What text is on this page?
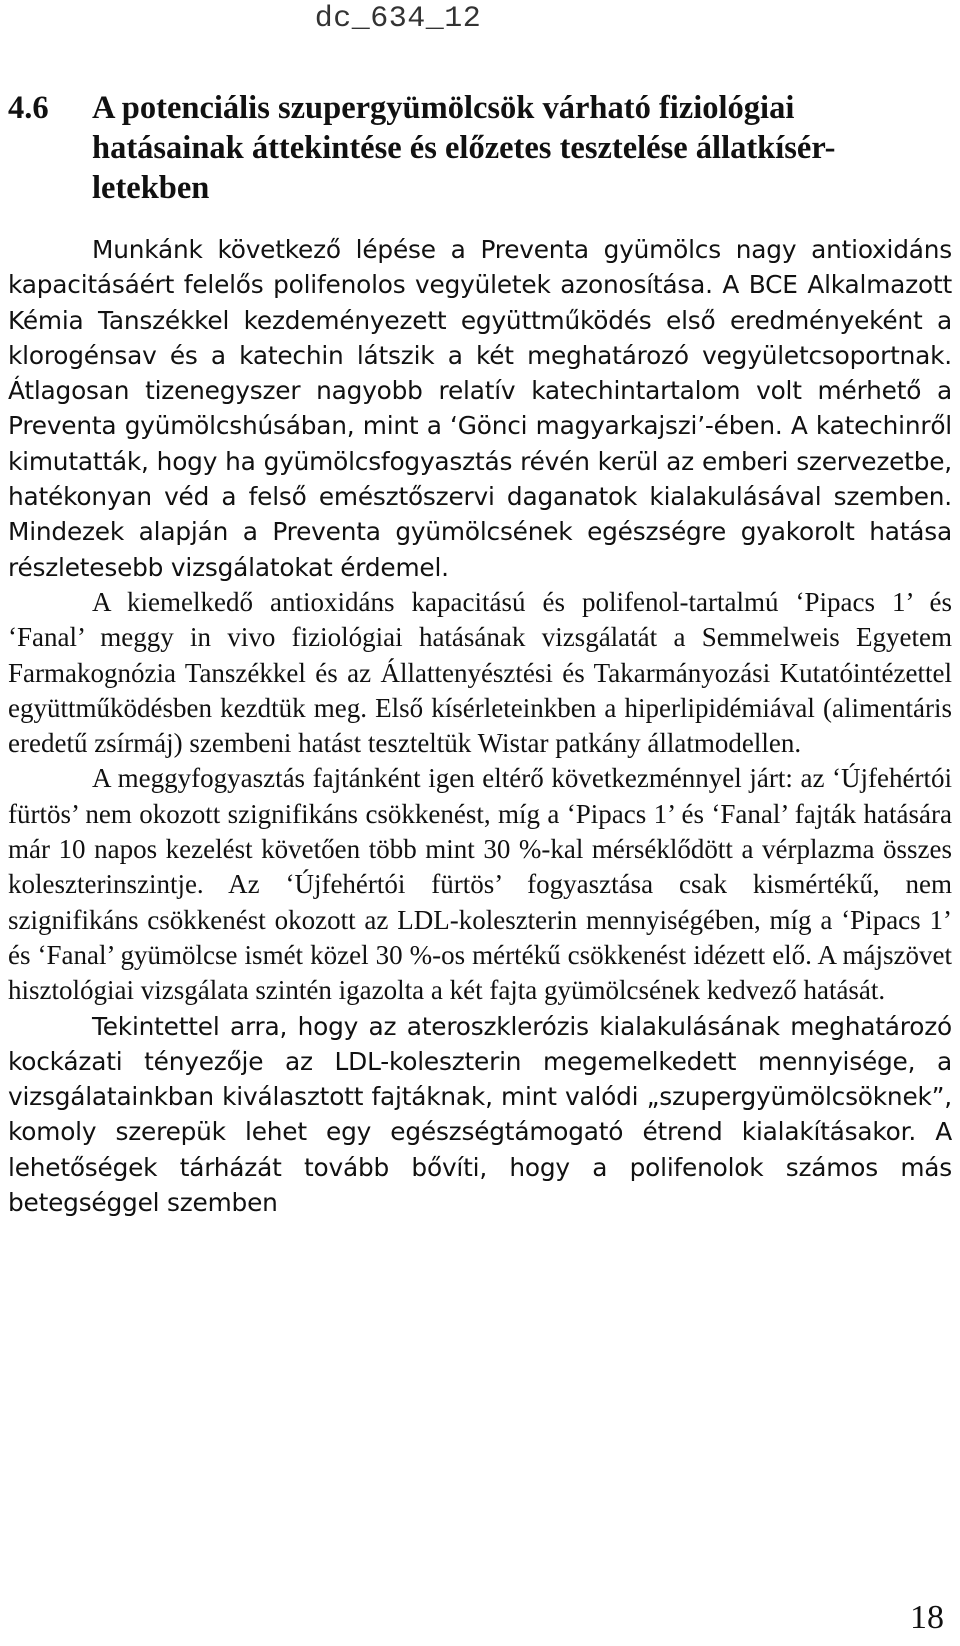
dc_634_12
4.6	A potenciális szupergyümölcsök várható fiziológiai hatásainak áttekintése és előzetes tesztelése állatkísér-letekben

Munkánk következő lépése a Preventa gyümölcs nagy antioxidáns kapacitásáért felelős polifenolos vegyületek azonosítása. A BCE Alkalmazott Kémia Tanszékkel kezdeményezett együttműködés első eredményeként a klorogénsav és a katechin látszik a két meghatározó vegyületcsoportnak. Átlagosan tizenegyszer nagyobb relatív katechintartalom volt mérhető a Preventa gyümölcshúsában, mint a ‘Gönci magyarkajszi’-ében. A katechinről kimutatták, hogy ha gyümölcsfogyasztás révén kerül az emberi szervezetbe, hatékonyan véd a felső emésztőszervi daganatok kialakulásával szemben. Mindezek alapján a Preventa gyümölcsének egészségre gyakorolt hatása részletesebb vizsgálatokat érdemel.

A kiemelkedő antioxidáns kapacitású és polifenol-tartalmú ‘Pipacs 1’ és ‘Fanal’ meggy in vivo fiziológiai hatásának vizsgálatát a Semmelweis Egyetem Farmakognózia Tanszékkel és az Állattenyésztési és Takarmányozási Kutatóintézettel együttműködésben kezdtük meg. Első kísérleteinkben a hiperlipidémiával (alimentáris eredetű zsírmáj) szembeni hatást teszteltük Wistar patkány állatmodellen.

A meggyfogyasztás fajtánként igen eltérő következménnyel járt: az ‘Újfehértói fürtös’ nem okozott szignifikáns csökkenést, míg a ‘Pipacs 1’ és ‘Fanal’ fajták hatására már 10 napos kezelést követően több mint 30 %-kal mérséklődött a vérplazma összes koleszterinszintje. Az ‘Újfehértói fürtös’ fogyasztása csak kismértékű, nem szignifikáns csökkenést okozott az LDL-koleszterin mennyiségében, míg a ‘Pipacs 1’ és ‘Fanal’ gyümölcse ismét közel 30 %-os mértékű csökkenést idézett elő. A májszövet hisztológiai vizsgálata szintén igazolta a két fajta gyümölcsének kedvező hatását.

Tekintettel arra, hogy az ateroszklerózis kialakulásának meghatározó kockázati tényezője az LDL-koleszterin megemelkedett mennyisége, a vizsgálatainkban kiválasztott fajtáknak, mint valódi „szupergyümölcsöknek”, komoly szerepük lehet egy egészségtámogató étrend kialakításakor. A lehetőségek tárházát tovább bővíti, hogy a polifenolok számos más betegséggel szemben

18
